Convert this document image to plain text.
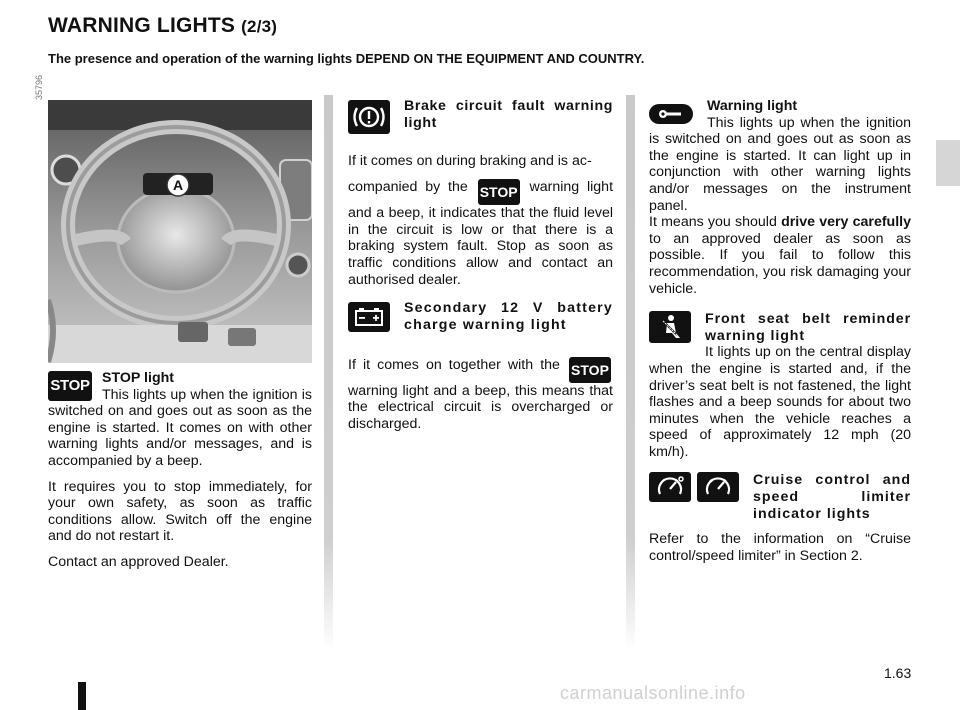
WARNING LIGHTS (2/3)
The presence and operation of the warning lights DEPEND ON THE EQUIPMENT AND COUNTRY.
35796
A
STOP STOP light
This lights up when the ignition is switched on and goes out as soon as the engine is started. It comes on with other warning lights and/or messages, and is accompanied by a beep.

It requires you to stop immediately, for your own safety, as soon as traffic conditions allow. Switch off the engine and do not restart it.

Contact an approved Dealer.

Brake circuit fault warning light

If it comes on during braking and is ac-

companied by the STOP warning light and a beep, it indicates that the fluid level in the circuit is low or that there is a braking system fault. Stop as soon as traffic conditions allow and contact an authorised dealer.

Secondary 12 V battery charge warning light

If it comes on together with the STOP warning light and a beep, this means that the electrical circuit is overcharged or discharged.

Warning light
This lights up when the ignition is switched on and goes out as soon as the engine is started. It can light up in conjunction with other warning lights and/or messages on the instrument panel.

It means you should drive very carefully to an approved dealer as soon as possible. If you fail to follow this recommendation, you risk damaging your vehicle.

Front seat belt reminder warning light

It lights up on the central display when the engine is started and, if the driver’s seat belt is not fastened, the light flashes and a beep sounds for about two minutes when the vehicle reaches a speed of approximately 12 mph (20 km/h).

Cruise control and speed limiter indicator lights

Refer to the information on “Cruise control/speed limiter” in Section 2.

1.63
carmanualsonline.info
